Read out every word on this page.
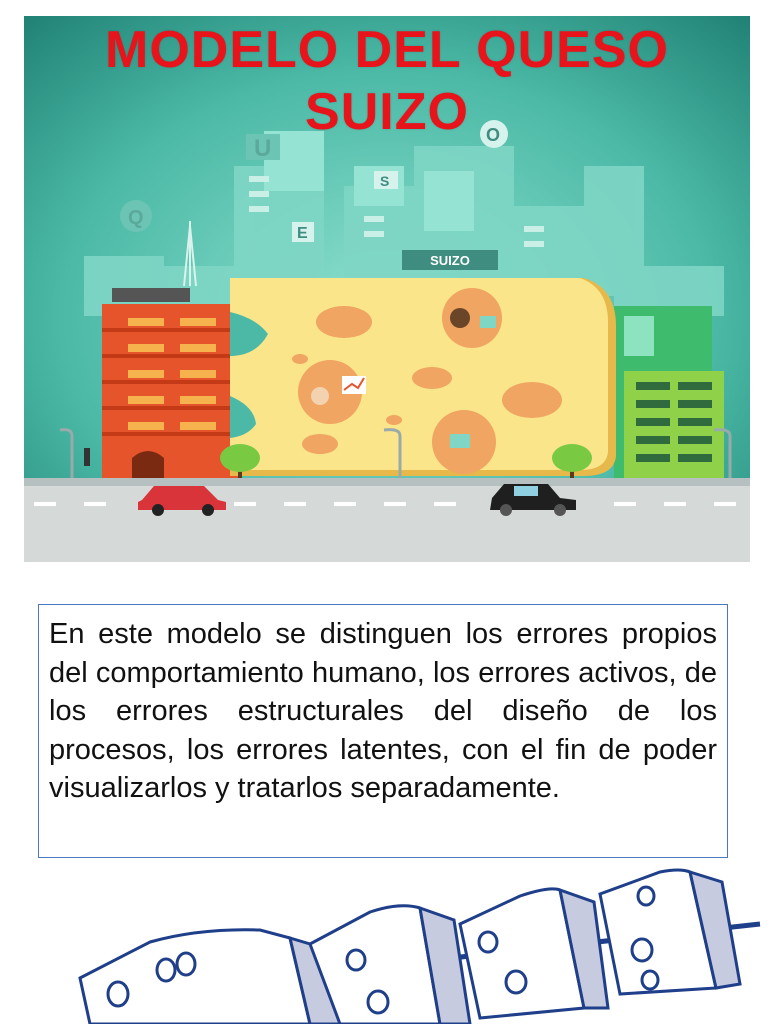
U
Q
S
E
O
SUIZO
MODELO DEL QUESO
SUIZO

En este modelo se distinguen los errores propios del comportamiento humano, los errores activos, de los errores estructurales del diseño de los procesos, los errores latentes, con el fin de poder visualizarlos y tratarlos separadamente.
